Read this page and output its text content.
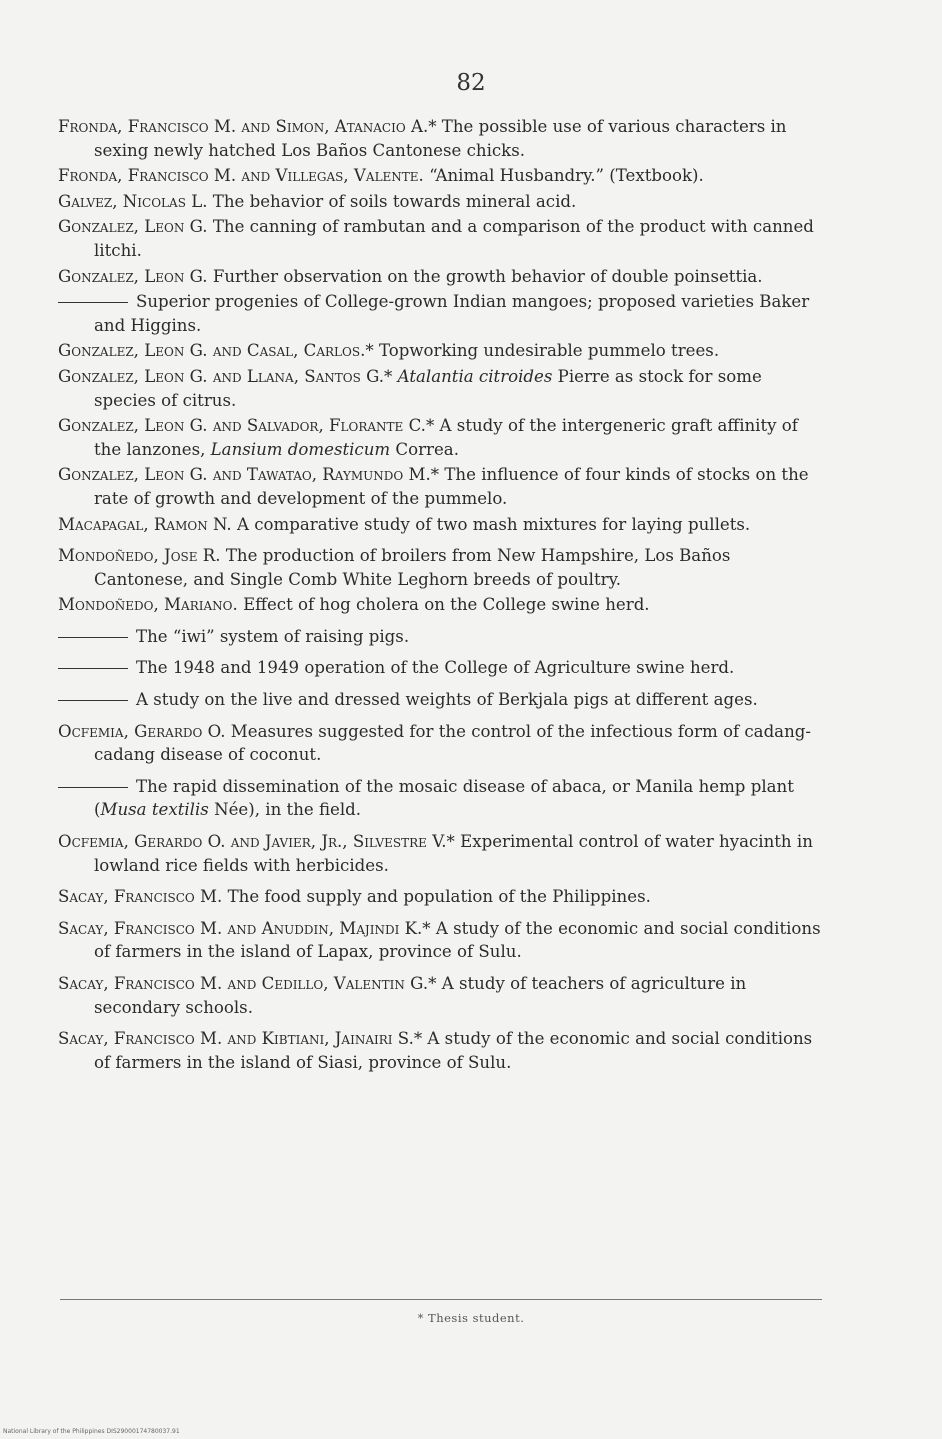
82
Fronda, Francisco M. and Simon, Atanacio A.* The possible use of various characters in sexing newly hatched Los Baños Cantonese chicks.
Fronda, Francisco M. and Villegas, Valente. “Animal Husbandry.” (Textbook).
Galvez, Nicolas L. The behavior of soils towards mineral acid.
Gonzalez, Leon G. The canning of rambutan and a comparison of the product with canned litchi.
Gonzalez, Leon G. Further observation on the growth behavior of double poinsettia.
Superior progenies of College-grown Indian mangoes; proposed varieties Baker and Higgins.
Gonzalez, Leon G. and Casal, Carlos.* Topworking undesirable pummelo trees.
Gonzalez, Leon G. and Llana, Santos G.* Atalantia citroides Pierre as stock for some species of citrus.
Gonzalez, Leon G. and Salvador, Florante C.* A study of the intergeneric graft affinity of the lanzones, Lansium domesticum Correa.
Gonzalez, Leon G. and Tawatao, Raymundo M.* The influence of four kinds of stocks on the rate of growth and development of the pummelo.
Macapagal, Ramon N. A comparative study of two mash mixtures for laying pullets.
Mondoñedo, Jose R. The production of broilers from New Hampshire, Los Baños Cantonese, and Single Comb White Leghorn breeds of poultry.
Mondoñedo, Mariano. Effect of hog cholera on the College swine herd.
The “iwi” system of raising pigs.
The 1948 and 1949 operation of the College of Agriculture swine herd.
A study on the live and dressed weights of Berkjala pigs at different ages.
Ocfemia, Gerardo O. Measures suggested for the control of the infectious form of cadang-cadang disease of coconut.
The rapid dissemination of the mosaic disease of abaca, or Manila hemp plant (Musa textilis Née), in the field.
Ocfemia, Gerardo O. and Javier, Jr., Silvestre V.* Experimental control of water hyacinth in lowland rice fields with herbicides.
Sacay, Francisco M. The food supply and population of the Philippines.
Sacay, Francisco M. and Anuddin, Majindi K.* A study of the economic and social conditions of farmers in the island of Lapax, province of Sulu.
Sacay, Francisco M. and Cedillo, Valentin G.* A study of teachers of agriculture in secondary schools.
Sacay, Francisco M. and Kibtiani, Jainairi S.* A study of the economic and social conditions of farmers in the island of Siasi, province of Sulu.
* Thesis student.
National Library of the Philippines DIS29000174780037.91
